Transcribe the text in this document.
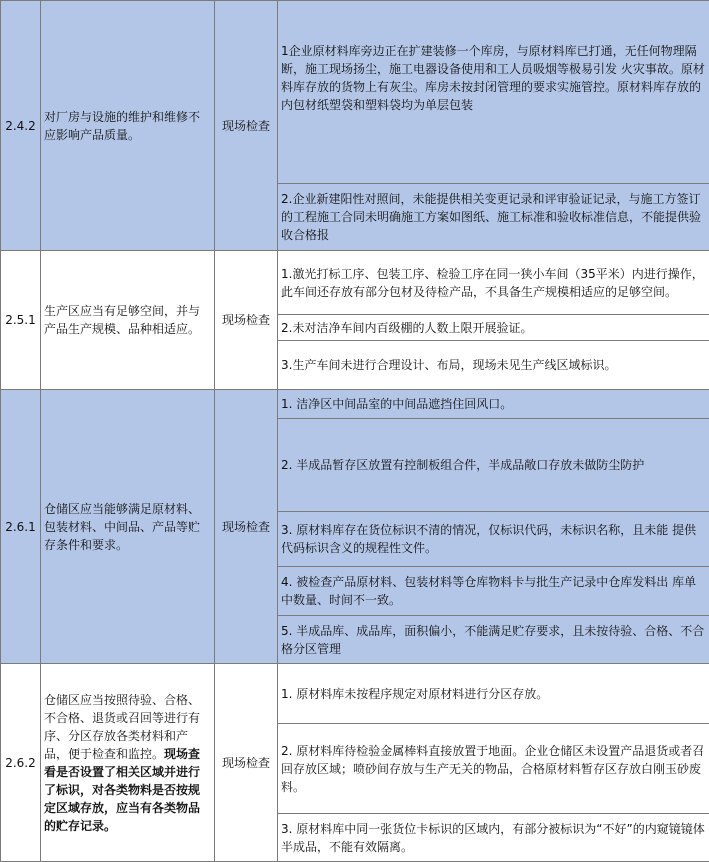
2.4.2	对厂房与设施的维护和维修不应影响产品质量。	现场检查	1企业原材料库旁边正在扩建装修一个库房，与原材料库已打通，无任何物理隔断，施工现场扬尘，施工电器设备使用和工人员吸烟等极易引发 火灾事故。原材料库存放的货物上有灰尘。库房未按封闭管理的要求实施管控。原材料库存放的内包材纸塑袋和塑料袋均为单层包装

			2.企业新建阳性对照间，未能提供相关变更记录和评审验证记录，与施工方签订的工程施工合同未明确施工方案如图纸、施工标准和验收标准信息，不能提供验收合格报
2.5.1	生产区应当有足够空间，并与产品生产规模、品种相适应。	现场检查	1.激光打标工序、包装工序、检验工序在同一狭小车间（35平米）内进行操作，此车间还存放有部分包材及待检产品，不具备生产规模相适应的足够空间。
			2.未对洁净车间内百级棚的人数上限开展验证。
			3.生产车间未进行合理设计、布局，现场未见生产线区域标识。
2.6.1	仓储区应当能够满足原材料、包装材料、中间品、产品等贮存条件和要求。	现场检查	1. 洁净区中间品室的中间品遮挡住回风口。

			2. 半成品暂存区放置有控制板组合件，半成品敞口存放未做防尘防护

			3. 原材料库存在货位标识不清的情况，仅标识代码，未标识名称，且未能 提供代码标识含义的规程性文件。
			4. 被检查产品原材料、包装材料等仓库物料卡与批生产记录中仓库发料出 库单中数量、时间不一致。
			5. 半成品库、成品库，面积偏小，不能满足贮存要求，且未按待验、合格、不合格分区管理
2.6.2	仓储区应当按照待验、合格、不合格、退货或召回等进行有序、分区存放各类材料和产品，便于检查和监控。现场查看是否设置了相关区域并进行了标识，对各类物料是否按规定区域存放，应当有各类物品的贮存记录。	现场检查	1. 原材料库未按程序规定对原材料进行分区存放。
			2. 原材料库待检验金属棒料直接放置于地面。企业仓储区未设置产品退货或者召回存放区域；喷砂间存放与生产无关的物品，合格原材料暂存区存放白刚玉砂废料。
			3. 原材料库中同一张货位卡标识的区域内，有部分被标识为“不好”的内窥镜镜体半成品，不能有效隔离。
